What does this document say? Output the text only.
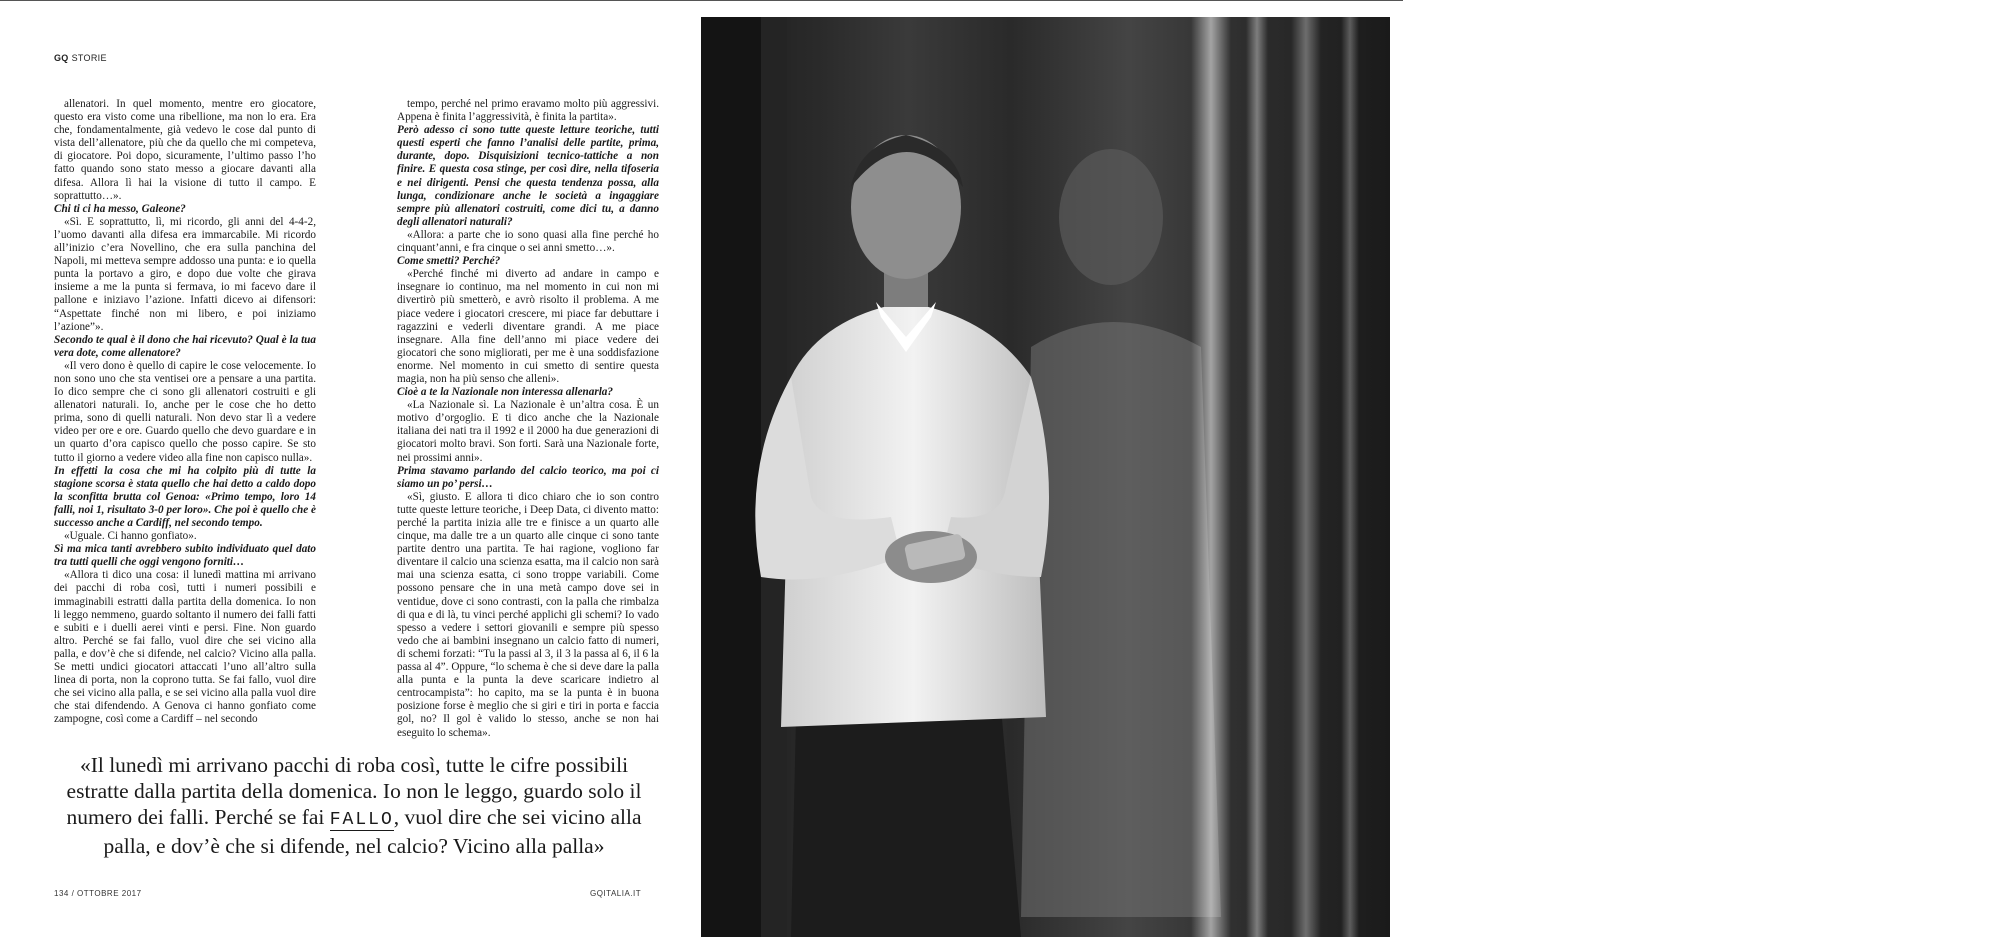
GQ STORIE

allenatori. In quel momento, mentre ero giocatore, questo era visto come una ribellione, ma non lo era. Era che, fondamentalmente, già vedevo le cose dal punto di vista dell’allenatore, più che da quello che mi competeva, di giocatore. Poi dopo, sicuramente, l’ultimo passo l’ho fatto quando sono stato messo a giocare davanti alla difesa. Allora lì hai la visione di tutto il campo. E soprattutto…».

Chi ti ci ha messo, Galeone?

«Sì. E soprattutto, lì, mi ricordo, gli anni del 4-4-2, l’uomo davanti alla difesa era immarcabile. Mi ricordo all’inizio c’era Novellino, che era sulla panchina del Napoli, mi metteva sempre addosso una punta: e io quella punta la portavo a giro, e dopo due volte che girava insieme a me la punta si fermava, io mi facevo dare il pallone e iniziavo l’azione. Infatti dicevo ai difensori: “Aspettate finché non mi libero, e poi iniziamo l’azione”».

Secondo te qual è il dono che hai ricevuto? Qual è la tua vera dote, come allenatore?

«Il vero dono è quello di capire le cose velocemente. Io non sono uno che sta ventisei ore a pensare a una partita. Io dico sempre che ci sono gli allenatori costruiti e gli allenatori naturali. Io, anche per le cose che ho detto prima, sono di quelli naturali. Non devo star lì a vedere video per ore e ore. Guardo quello che devo guardare e in un quarto d’ora capisco quello che posso capire. Se sto tutto il giorno a vedere video alla fine non capisco nulla».

In effetti la cosa che mi ha colpito più di tutte la stagione scorsa è stata quello che hai detto a caldo dopo la sconfitta brutta col Genoa: «Primo tempo, loro 14 falli, noi 1, risultato 3-0 per loro». Che poi è quello che è successo anche a Cardiff, nel secondo tempo.

«Uguale. Ci hanno gonfiato».

Sì ma mica tanti avrebbero subito individuato quel dato tra tutti quelli che oggi vengono forniti…

«Allora ti dico una cosa: il lunedì mattina mi arrivano dei pacchi di roba così, tutti i numeri possibili e immaginabili estratti dalla partita della domenica. Io non li leggo nemmeno, guardo soltanto il numero dei falli fatti e subiti e i duelli aerei vinti e persi. Fine. Non guardo altro. Perché se fai fallo, vuol dire che sei vicino alla palla, e dov’è che si difende, nel calcio? Vicino alla palla. Se metti undici giocatori attaccati l’uno all’altro sulla linea di porta, non la coprono tutta. Se fai fallo, vuol dire che sei vicino alla palla, e se sei vicino alla palla vuol dire che stai difendendo. A Genova ci hanno gonfiato come zampogne, così come a Cardiff – nel secondo

tempo, perché nel primo eravamo molto più aggressivi. Appena è finita l’aggressività, è finita la partita».

Però adesso ci sono tutte queste letture teoriche, tutti questi esperti che fanno l’analisi delle partite, prima, durante, dopo. Disquisizioni tecnico-tattiche a non finire. E questa cosa stinge, per così dire, nella tifoseria e nei dirigenti. Pensi che questa tendenza possa, alla lunga, condizionare anche le società a ingaggiare sempre più allenatori costruiti, come dici tu, a danno degli allenatori naturali?

«Allora: a parte che io sono quasi alla fine perché ho cinquant’anni, e fra cinque o sei anni smetto…».

Come smetti? Perché?

«Perché finché mi diverto ad andare in campo e insegnare io continuo, ma nel momento in cui non mi divertirò più smetterò, e avrò risolto il problema. A me piace vedere i giocatori crescere, mi piace far debuttare i ragazzini e vederli diventare grandi. A me piace insegnare. Alla fine dell’anno mi piace vedere dei giocatori che sono migliorati, per me è una soddisfazione enorme. Nel momento in cui smetto di sentire questa magia, non ha più senso che alleni».

Cioè a te la Nazionale non interessa allenarla?

«La Nazionale sì. La Nazionale è un’altra cosa. È un motivo d’orgoglio. E ti dico anche che la Nazionale italiana dei nati tra il 1992 e il 2000 ha due generazioni di giocatori molto bravi. Son forti. Sarà una Nazionale forte, nei prossimi anni».

Prima stavamo parlando del calcio teorico, ma poi ci siamo un po’ persi…

«Sì, giusto. E allora ti dico chiaro che io son contro tutte queste letture teoriche, i Deep Data, ci divento matto: perché la partita inizia alle tre e finisce a un quarto alle cinque, ma dalle tre a un quarto alle cinque ci sono tante partite dentro una partita. Te hai ragione, vogliono far diventare il calcio una scienza esatta, ma il calcio non sarà mai una scienza esatta, ci sono troppe variabili. Come possono pensare che in una metà campo dove sei in ventidue, dove ci sono contrasti, con la palla che rimbalza di qua e di là, tu vinci perché applichi gli schemi? Io vado spesso a vedere i settori giovanili e sempre più spesso vedo che ai bambini insegnano un calcio fatto di numeri, di schemi forzati: “Tu la passi al 3, il 3 la passa al 6, il 6 la passa al 4”. Oppure, “lo schema è che si deve dare la palla alla punta e la punta la deve scaricare indietro al centrocampista”: ho capito, ma se la punta è in buona posizione forse è meglio che si giri e tiri in porta e faccia gol, no? Il gol è valido lo stesso, anche se non hai eseguito lo schema».

«Il lunedì mi arrivano pacchi di roba così, tutte le cifre possibili estratte dalla partita della domenica. Io non le leggo, guardo solo il numero dei falli. Perché se fai FALLO, vuol dire che sei vicino alla palla, e dov’è che si difende, nel calcio? Vicino alla palla»
134 / OTTOBRE 2017	GQITALIA.IT
Dalla C2 alla serie A: prima della Juventus, Massimiliano Allegri ha allenato, nell’ordine, Aglianese, SPAL, Grosseto, Sassuolo, Cagliari e Milan (2010-2014). Camicia e pantaloni
GIANNI
MARIGLIANO
